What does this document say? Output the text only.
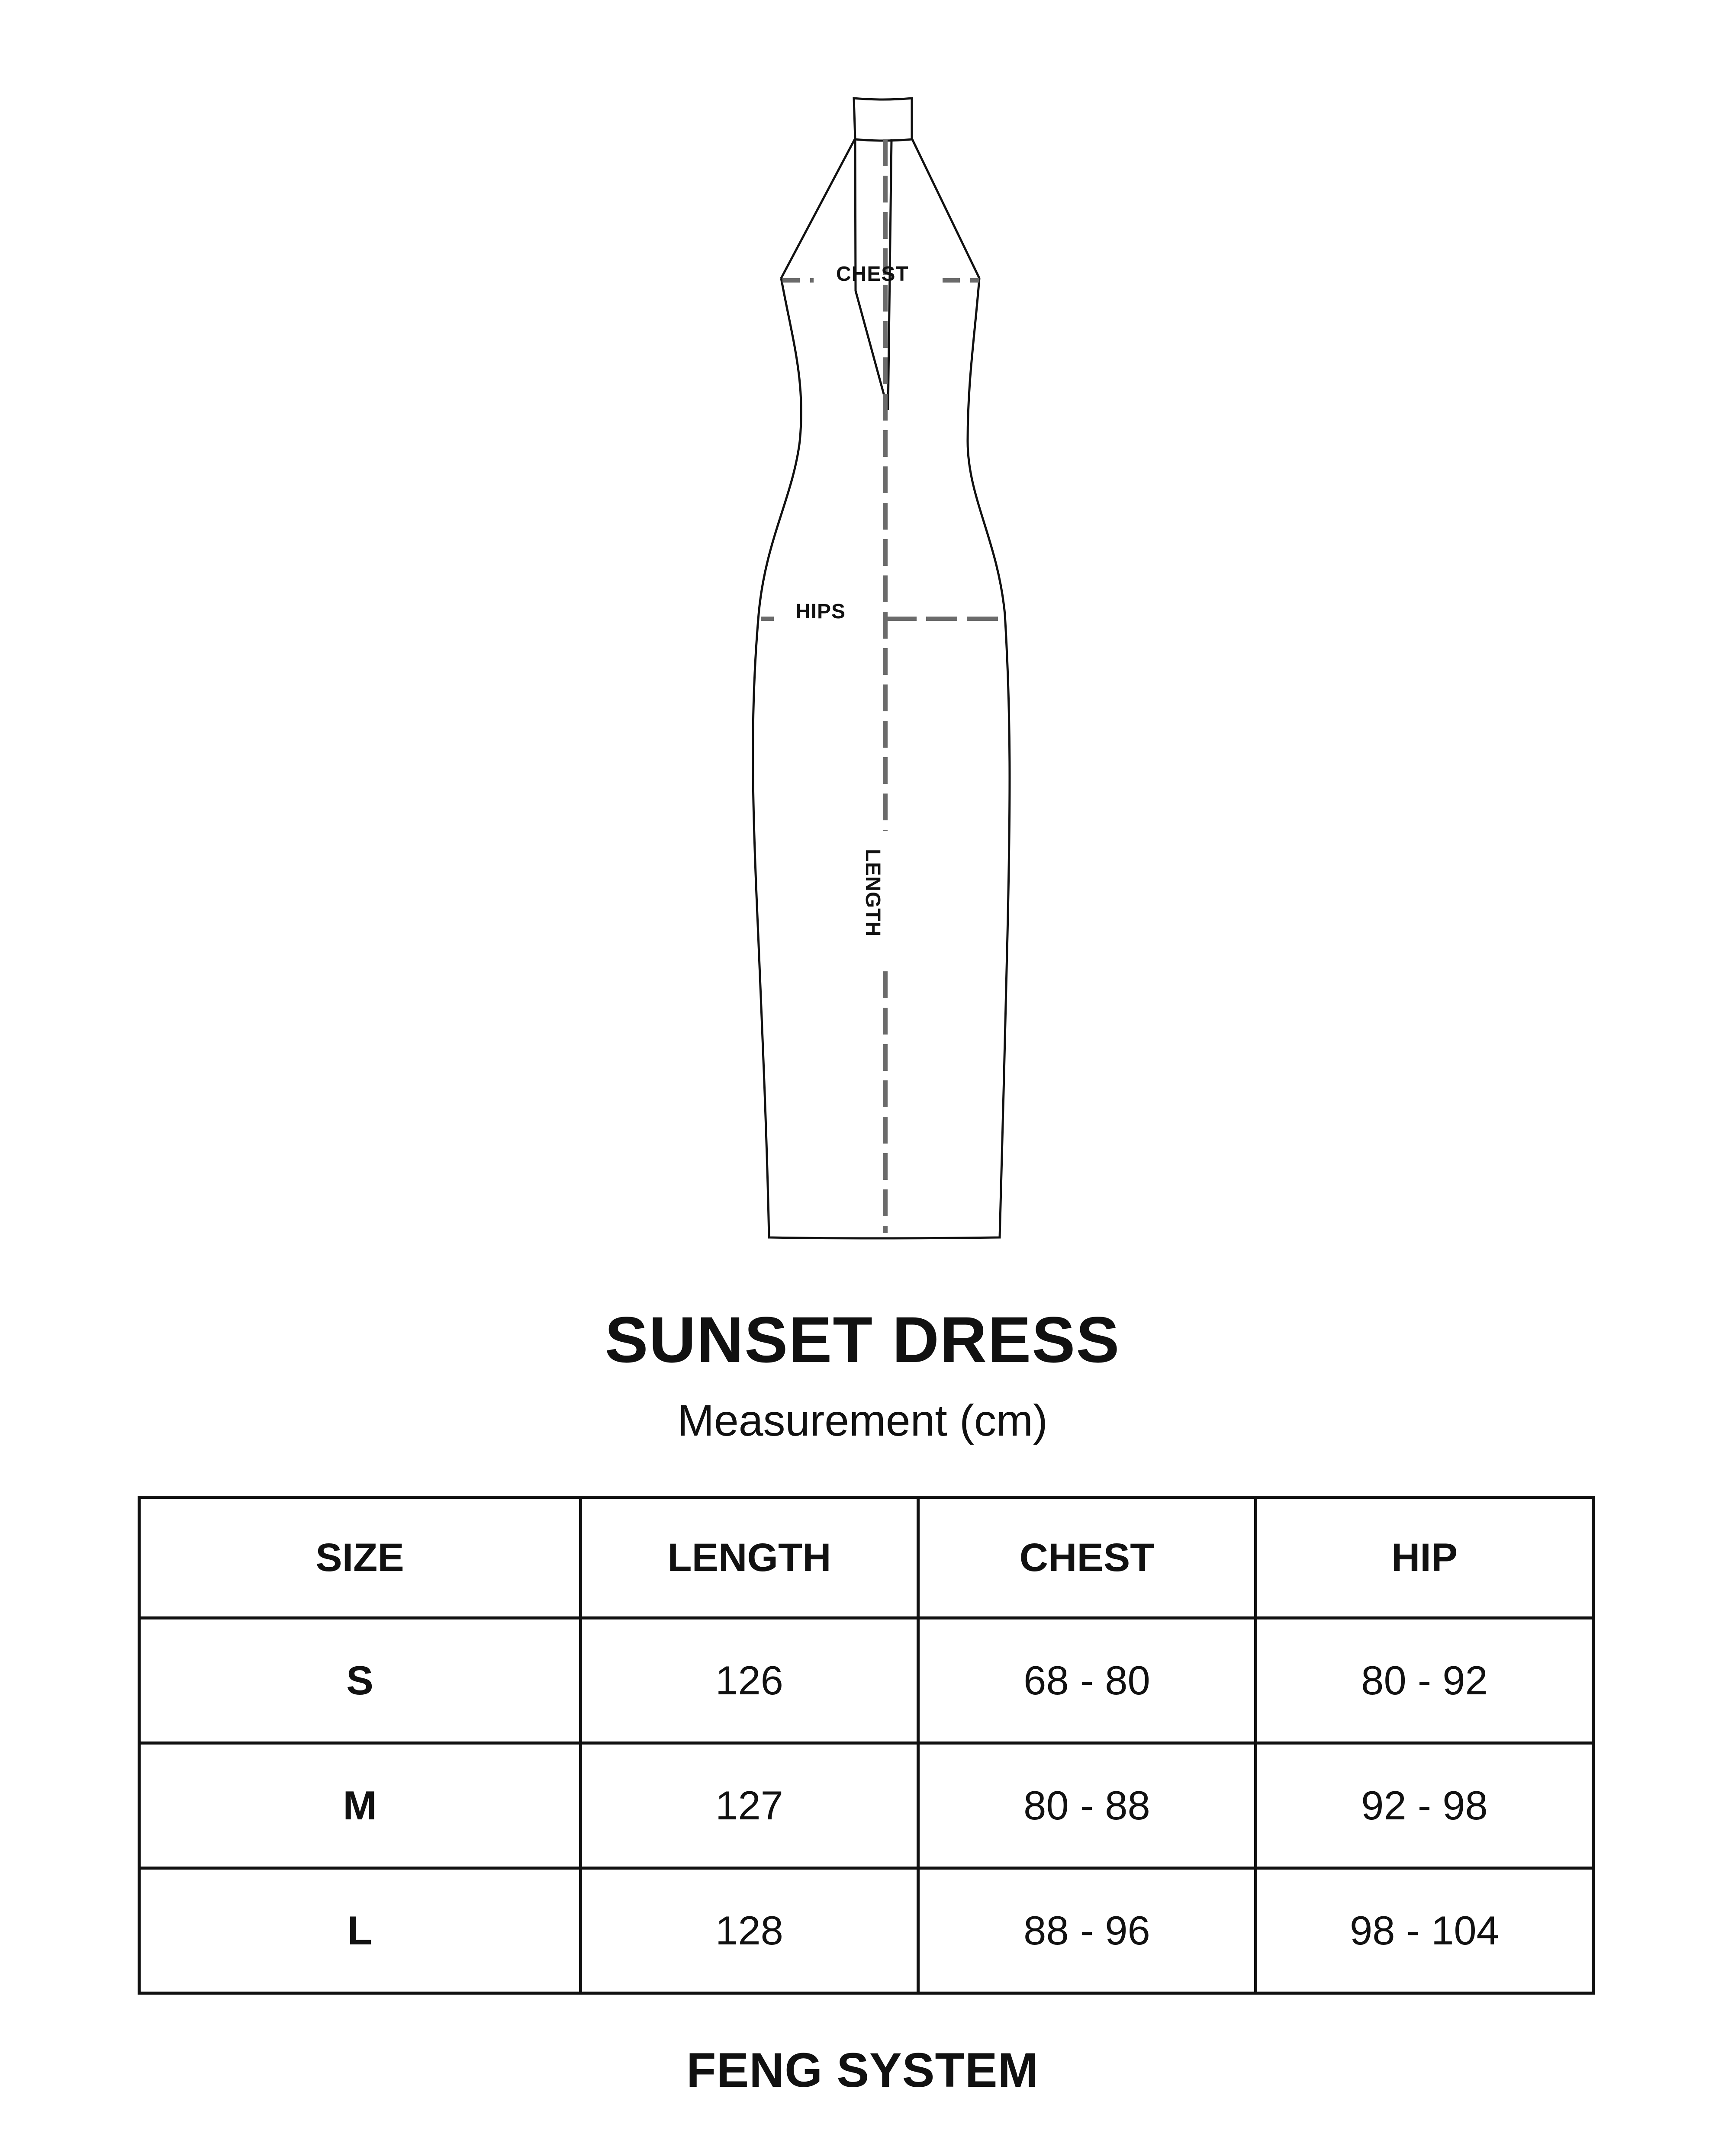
CHEST
HIPS
LENGTH
SUNSET DRESS
Measurement (cm)
SIZE	LENGTH	CHEST	HIP
S	126	68 - 80	80 - 92
M	127	80 - 88	92 - 98
L	128	88 - 96	98 - 104
FENG SYSTEM
